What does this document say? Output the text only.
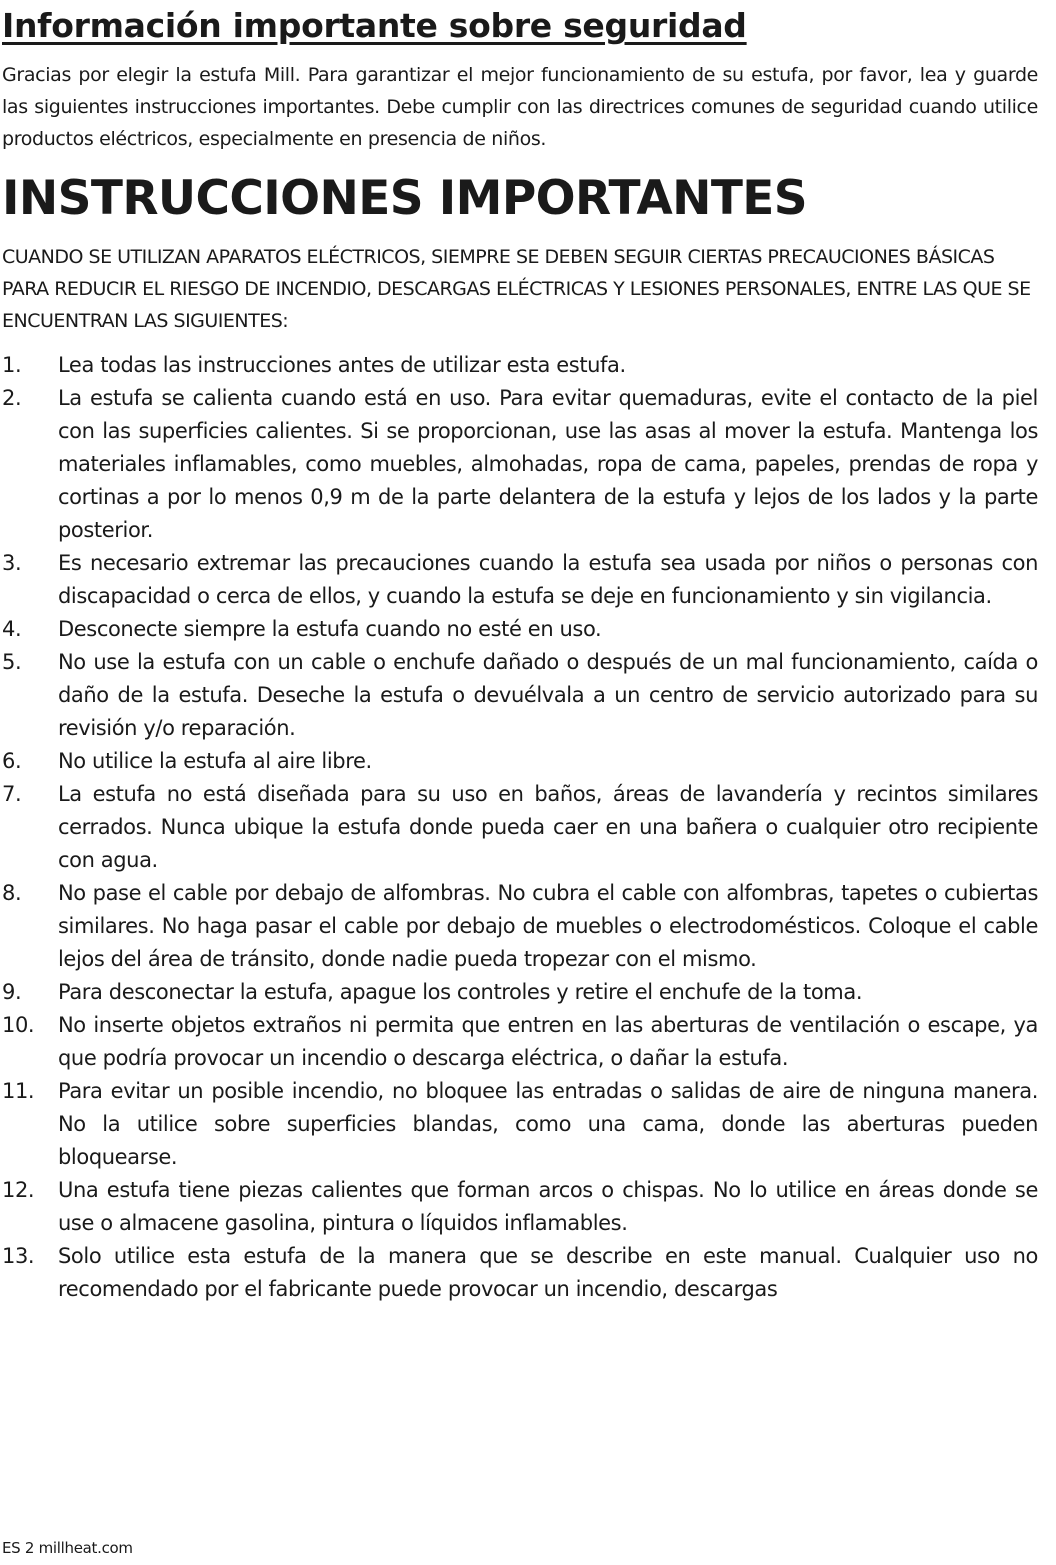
Información importante sobre seguridad

Gracias por elegir la estufa Mill. Para garantizar el mejor funcionamiento de su estufa, por favor, lea y guarde las siguientes instrucciones importantes. Debe cumplir con las directrices comunes de seguridad cuando utilice productos eléctricos, especialmente en presencia de niños.

INSTRUCCIONES IMPORTANTES

CUANDO SE UTILIZAN APARATOS ELÉCTRICOS, SIEMPRE SE DEBEN SEGUIR CIERTAS PRECAUCIONES BÁSICAS PARA REDUCIR EL RIESGO DE INCENDIO, DESCARGAS ELÉCTRICAS Y LESIONES PERSONALES, ENTRE LAS QUE SE ENCUENTRAN LAS SIGUIENTES:

1.	Lea todas las instrucciones antes de utilizar esta estufa.
2.	La estufa se calienta cuando está en uso. Para evitar quemaduras, evite el contacto de la piel con las superficies calientes. Si se proporcionan, use las asas al mover la estufa. Mantenga los materiales inflamables, como muebles, almohadas, ropa de cama, papeles, prendas de ropa y cortinas a por lo menos 0,9 m de la parte delantera de la estufa y lejos de los lados y la parte posterior.
3.	Es necesario extremar las precauciones cuando la estufa sea usada por niños o personas con discapacidad o cerca de ellos, y cuando la estufa se deje en funcionamiento y sin vigilancia.
4.	Desconecte siempre la estufa cuando no esté en uso.
5.	No use la estufa con un cable o enchufe dañado o después de un mal funcionamiento, caída o daño de la estufa. Deseche la estufa o devuélvala a un centro de servicio autorizado para su revisión y/o reparación.
6.	No utilice la estufa al aire libre.
7.	La estufa no está diseñada para su uso en baños, áreas de lavandería y recintos similares cerrados. Nunca ubique la estufa donde pueda caer en una bañera o cualquier otro recipiente con agua.
8.	No pase el cable por debajo de alfombras. No cubra el cable con alfombras, tapetes o cubiertas similares. No haga pasar el cable por debajo de muebles o electrodomésticos. Coloque el cable lejos del área de tránsito, donde nadie pueda tropezar con el mismo.
9.	Para desconectar la estufa, apague los controles y retire el enchufe de la toma.
10.	No inserte objetos extraños ni permita que entren en las aberturas de ventilación o escape, ya que podría provocar un incendio o descarga eléctrica, o dañar la estufa.
11.	Para evitar un posible incendio, no bloquee las entradas o salidas de aire de ninguna manera. No la utilice sobre superficies blandas, como una cama, donde las aberturas pueden bloquearse.
12.	Una estufa tiene piezas calientes que forman arcos o chispas. No lo utilice en áreas donde se use o almacene gasolina, pintura o líquidos inflamables.
13.	Solo utilice esta estufa de la manera que se describe en este manual. Cualquier uso no recomendado por el fabricante puede provocar un incendio, descargas
ES 2 millheat.com
